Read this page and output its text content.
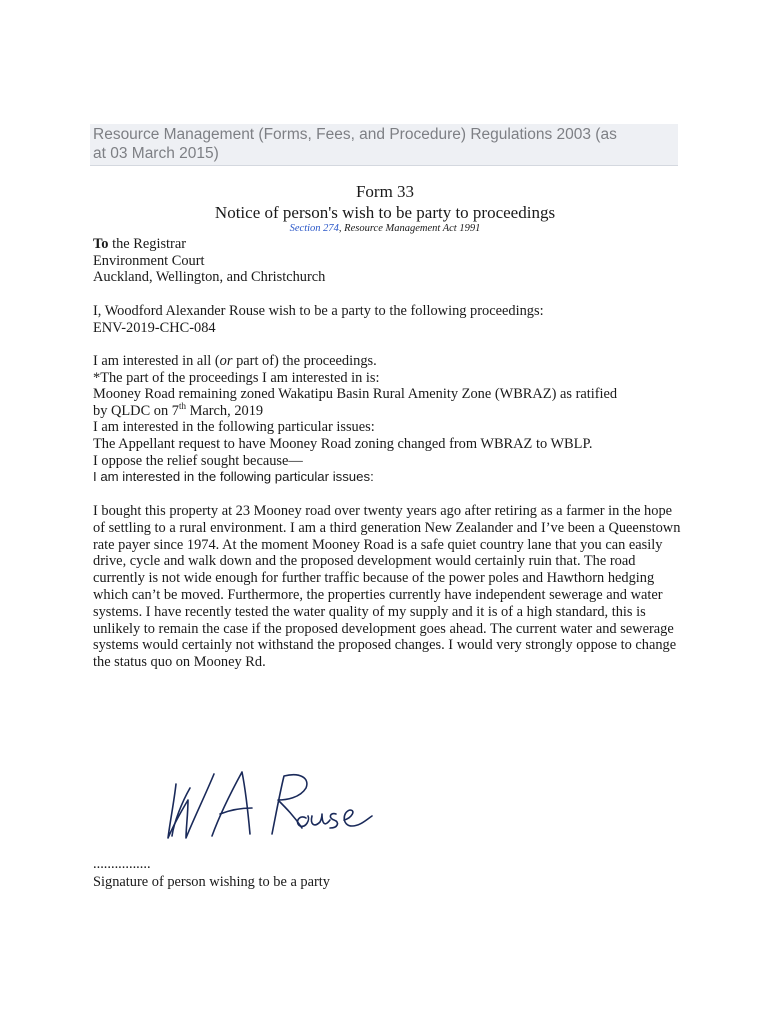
Resource Management (Forms, Fees, and Procedure) Regulations 2003 (as
at 03 March 2015)
Form 33
Notice of person's wish to be party to proceedings
Section 274, Resource Management Act 1991
To the Registrar
Environment Court
Auckland, Wellington, and Christchurch
I, Woodford Alexander Rouse wish to be a party to the following proceedings:
ENV-2019-CHC-084
I am interested in all (or part of) the proceedings.
*The part of the proceedings I am interested in is:
Mooney Road remaining zoned Wakatipu Basin Rural Amenity Zone (WBRAZ) as ratified
by QLDC on 7th March, 2019
I am interested in the following particular issues:
The Appellant request to have Mooney Road zoning changed from WBRAZ to WBLP.
I oppose the relief sought because—
I am interested in the following particular issues:
I bought this property at 23 Mooney road over twenty years ago after retiring as a farmer in the hope of settling to a rural environment. I am a third generation New Zealander and I’ve been a Queenstown rate payer since 1974. At the moment Mooney Road is a safe quiet country lane that you can easily drive, cycle and walk down and the proposed development would certainly ruin that. The road currently is not wide enough for further traffic because of the power poles and Hawthorn hedging which can’t be moved. Furthermore, the properties currently have independent sewerage and water systems. I have recently tested the water quality of my supply and it is of a high standard, this is unlikely to remain the case if the proposed development goes ahead. The current water and sewerage systems would certainly not withstand the proposed changes. I would very strongly oppose to change the status quo on Mooney Rd.
................
Signature of person wishing to be a party
